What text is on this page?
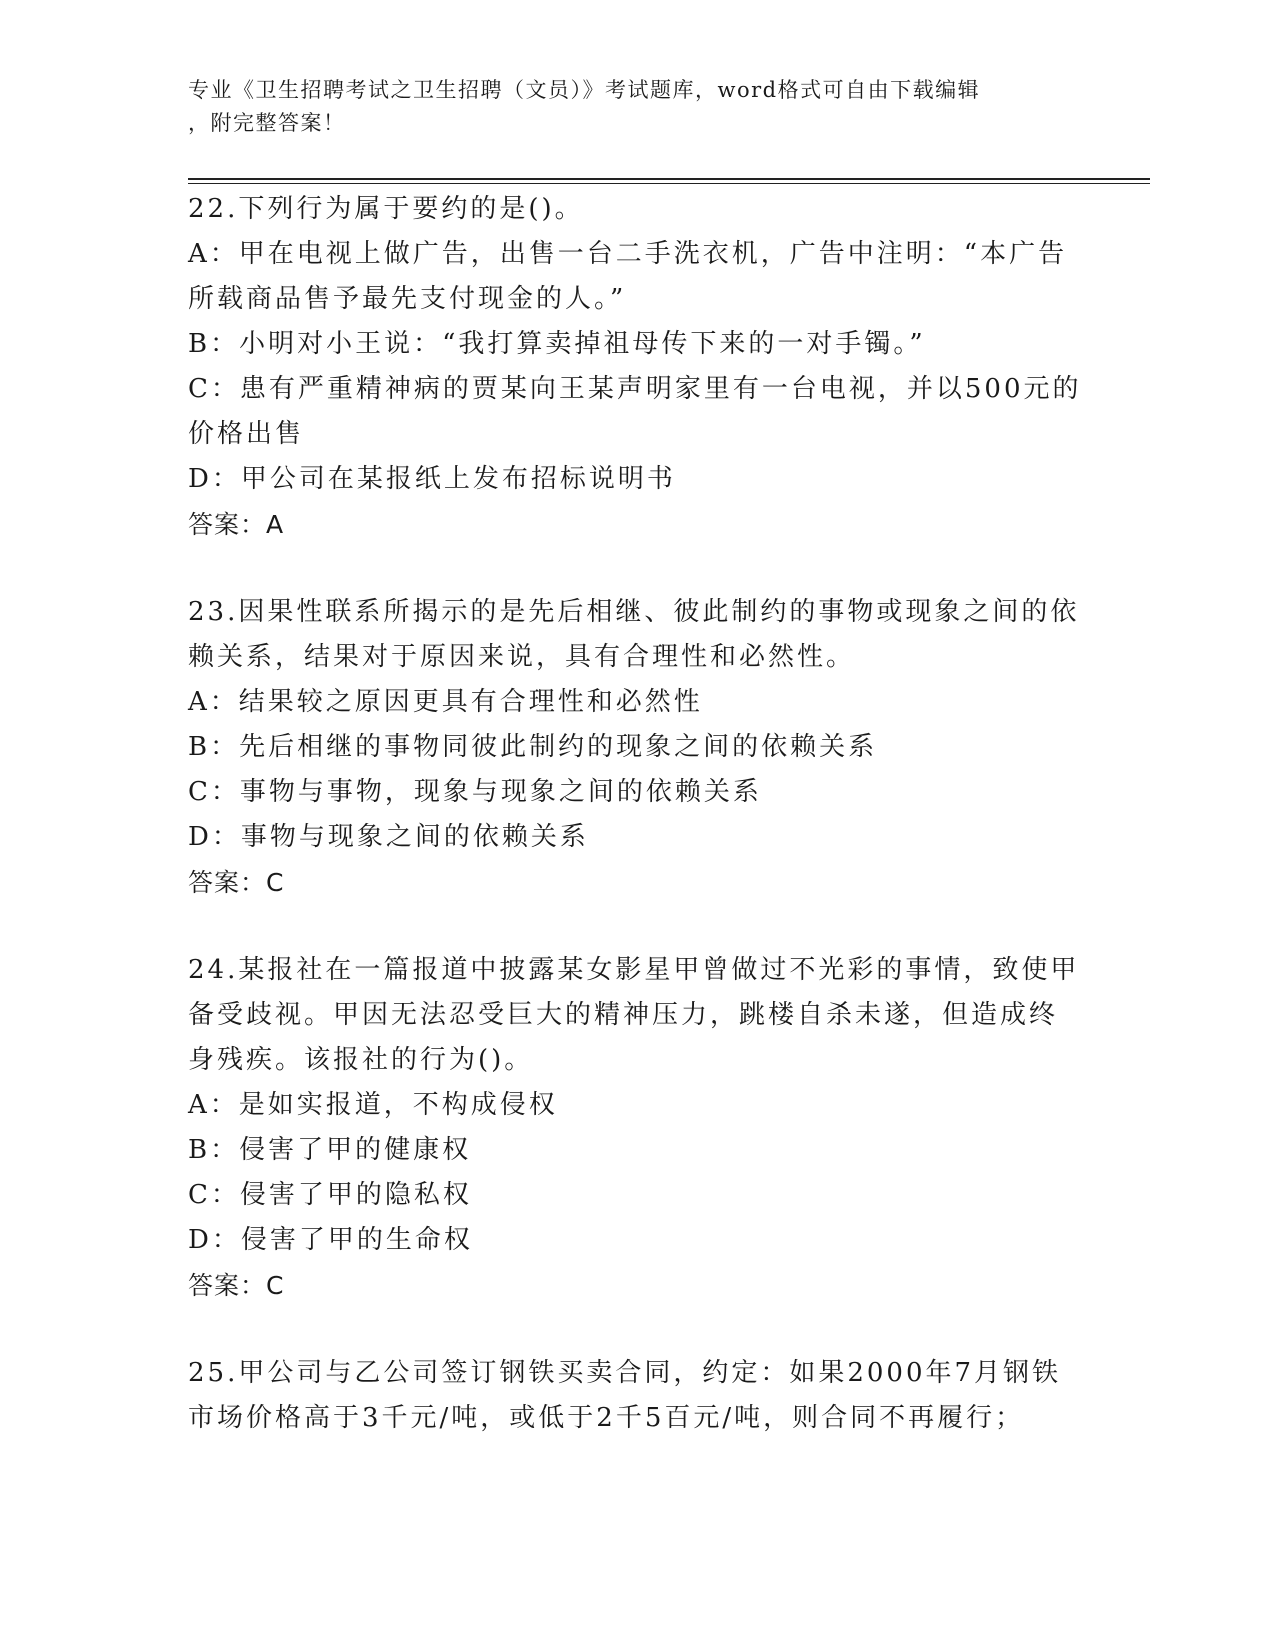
专业《卫生招聘考试之卫生招聘（文员）》考试题库，word格式可自由下载编辑
，附完整答案！
22.下列行为属于要约的是()。
A：甲在电视上做广告，出售一台二手洗衣机，广告中注明：“本广告
所载商品售予最先支付现金的人。”
B：小明对小王说：“我打算卖掉祖母传下来的一对手镯。”
C：患有严重精神病的贾某向王某声明家里有一台电视，并以500元的
价格出售
D：甲公司在某报纸上发布招标说明书
答案：A
23.因果性联系所揭示的是先后相继、彼此制约的事物或现象之间的依
赖关系，结果对于原因来说，具有合理性和必然性。
A：结果较之原因更具有合理性和必然性
B：先后相继的事物同彼此制约的现象之间的依赖关系
C：事物与事物，现象与现象之间的依赖关系
D：事物与现象之间的依赖关系
答案：C
24.某报社在一篇报道中披露某女影星甲曾做过不光彩的事情，致使甲
备受歧视。甲因无法忍受巨大的精神压力，跳楼自杀未遂，但造成终
身残疾。该报社的行为()。
A：是如实报道，不构成侵权
B：侵害了甲的健康权
C：侵害了甲的隐私权
D：侵害了甲的生命权
答案：C
25.甲公司与乙公司签订钢铁买卖合同，约定：如果2000年7月钢铁
市场价格高于3千元/吨，或低于2千5百元/吨，则合同不再履行；
